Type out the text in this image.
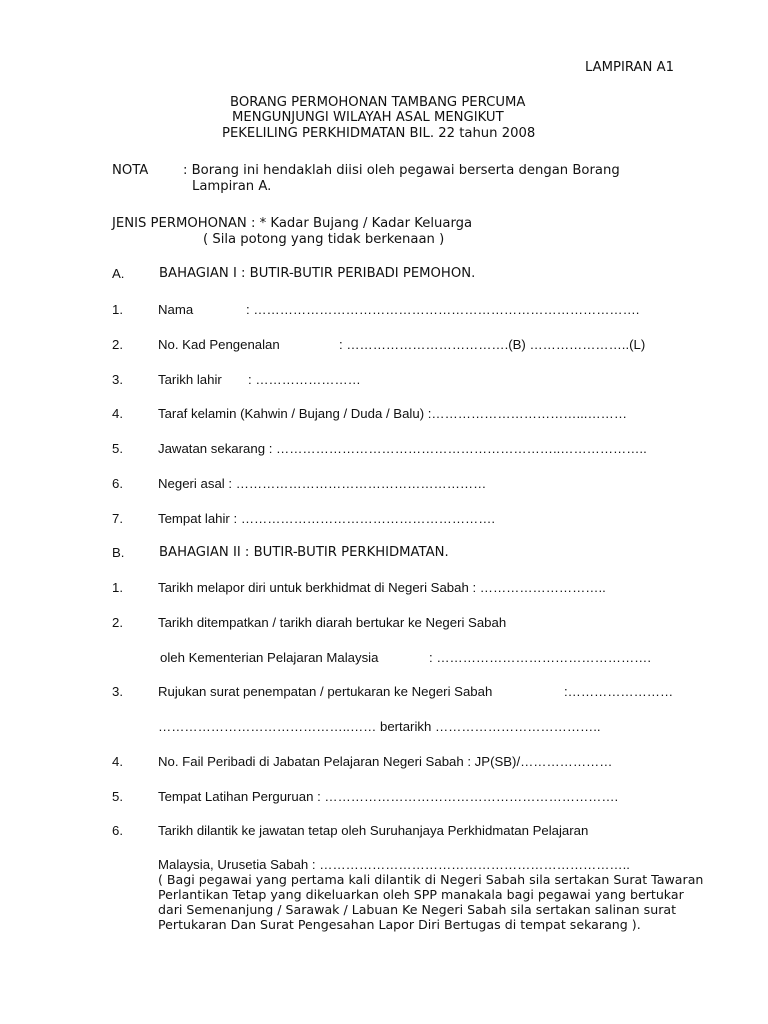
LAMPIRAN A1
BORANG PERMOHONAN TAMBANG PERCUMA
MENGUNJUNGI WILAYAH ASAL MENGIKUT
PEKELILING PERKHIDMATAN BIL. 22 tahun 2008
NOTA	: Borang ini hendaklah diisi oleh pegawai berserta dengan Borang
Lampiran A.
JENIS PERMOHONAN : * Kadar Bujang / Kadar Keluarga
( Sila potong yang tidak berkenaan )
A.	BAHAGIAN I : BUTIR-BUTIR PERIBADI PEMOHON.
1.	Nama	: …………………………………………………………………………….
2.	No. Kad Pengenalan	: ……………………………….(B) …………………..(L)
3.	Tarikh lahir : ……………………
4.	Taraf kelamin (Kahwin / Bujang / Duda / Balu) :……………………………...………
5.	Jawatan sekarang : ………………………………………………………..………………..
6.	Negeri asal : …………………………………………………
7.	Tempat lahir : ………………………………………………….
B.	BAHAGIAN II : BUTIR-BUTIR PERKHIDMATAN.
1.	Tarikh melapor diri untuk berkhidmat di Negeri Sabah : ………………………..
2.	Tarikh ditempatkan / tarikh diarah bertukar ke Negeri Sabah
oleh Kementerian Pelajaran Malaysia	: ………………………………………….
3.	Rujukan surat penempatan / pertukaran ke Negeri Sabah	:……………………
……………………………………..…… bertarikh ………………………………..
4.	No. Fail Peribadi di Jabatan Pelajaran Negeri Sabah : JP(SB)/…………………
5.	Tempat Latihan Perguruan : ………………………………………………………….
6.	Tarikh dilantik ke jawatan tetap oleh Suruhanjaya Perkhidmatan Pelajaran
Malaysia, Urusetia Sabah : ……………………………………………………………..
( Bagi pegawai yang pertama kali dilantik di Negeri Sabah sila sertakan Surat Tawaran
Perlantikan Tetap yang dikeluarkan oleh SPP manakala bagi pegawai yang bertukar
dari Semenanjung / Sarawak / Labuan Ke Negeri Sabah sila sertakan salinan surat
Pertukaran Dan Surat Pengesahan Lapor Diri Bertugas di tempat sekarang ).
